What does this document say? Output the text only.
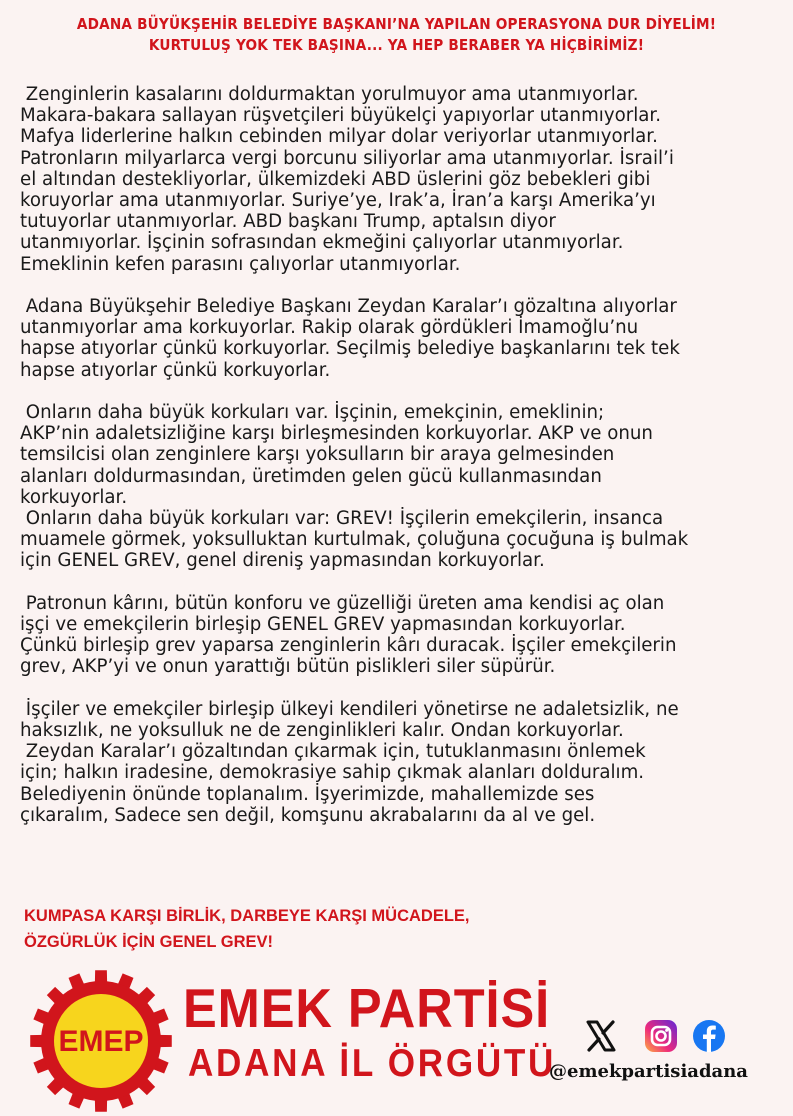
ADANA BÜYÜKŞEHİR BELEDİYE BAŞKANI’NA YAPILAN OPERASYONA DUR DİYELİM!
KURTULUŞ YOK TEK BAŞINA... YA HEP BERABER YA HİÇBİRİMİZ!

Zenginlerin kasalarını doldurmaktan yorulmuyor ama utanmıyorlar.
Makara-bakara sallayan rüşvetçileri büyükelçi yapıyorlar utanmıyorlar.
Mafya liderlerine halkın cebinden milyar dolar veriyorlar utanmıyorlar.
Patronların milyarlarca vergi borcunu siliyorlar ama utanmıyorlar. İsrail’i
el altından destekliyorlar, ülkemizdeki ABD üslerini göz bebekleri gibi
koruyorlar ama utanmıyorlar. Suriye’ye, Irak’a, İran’a karşı Amerika’yı
tutuyorlar utanmıyorlar. ABD başkanı Trump, aptalsın diyor
utanmıyorlar. İşçinin sofrasından ekmeğini çalıyorlar utanmıyorlar.
Emeklinin kefen parasını çalıyorlar utanmıyorlar.

Adana Büyükşehir Belediye Başkanı Zeydan Karalar’ı gözaltına alıyorlar
utanmıyorlar ama korkuyorlar. Rakip olarak gördükleri İmamoğlu’nu
hapse atıyorlar çünkü korkuyorlar. Seçilmiş belediye başkanlarını tek tek
hapse atıyorlar çünkü korkuyorlar.

Onların daha büyük korkuları var. İşçinin, emekçinin, emeklinin;
AKP’nin adaletsizliğine karşı birleşmesinden korkuyorlar. AKP ve onun
temsilcisi olan zenginlere karşı yoksulların bir araya gelmesinden
alanları doldurmasından, üretimden gelen gücü kullanmasından
korkuyorlar.
Onların daha büyük korkuları var: GREV! İşçilerin emekçilerin, insanca
muamele görmek, yoksulluktan kurtulmak, çoluğuna çocuğuna iş bulmak
için GENEL GREV, genel direniş yapmasından korkuyorlar.

Patronun kârını, bütün konforu ve güzelliği üreten ama kendisi aç olan
işçi ve emekçilerin birleşip GENEL GREV yapmasından korkuyorlar.
Çünkü birleşip grev yaparsa zenginlerin kârı duracak. İşçiler emekçilerin
grev, AKP’yi ve onun yarattığı bütün pislikleri siler süpürür.

İşçiler ve emekçiler birleşip ülkeyi kendileri yönetirse ne adaletsizlik, ne
haksızlık, ne yoksulluk ne de zenginlikleri kalır. Ondan korkuyorlar.
Zeydan Karalar’ı gözaltından çıkarmak için, tutuklanmasını önlemek
için; halkın iradesine, demokrasiye sahip çıkmak alanları dolduralım.
Belediyenin önünde toplanalım. İşyerimizde, mahallemizde ses
çıkaralım, Sadece sen değil, komşunu akrabalarını da al ve gel.

KUMPASA KARŞI BİRLİK, DARBEYE KARŞI MÜCADELE,
ÖZGÜRLÜK İÇİN GENEL GREV!
EMEP
EMEK PARTİSİ
ADANA İL ÖRGÜTÜ
@emekpartisiadana
